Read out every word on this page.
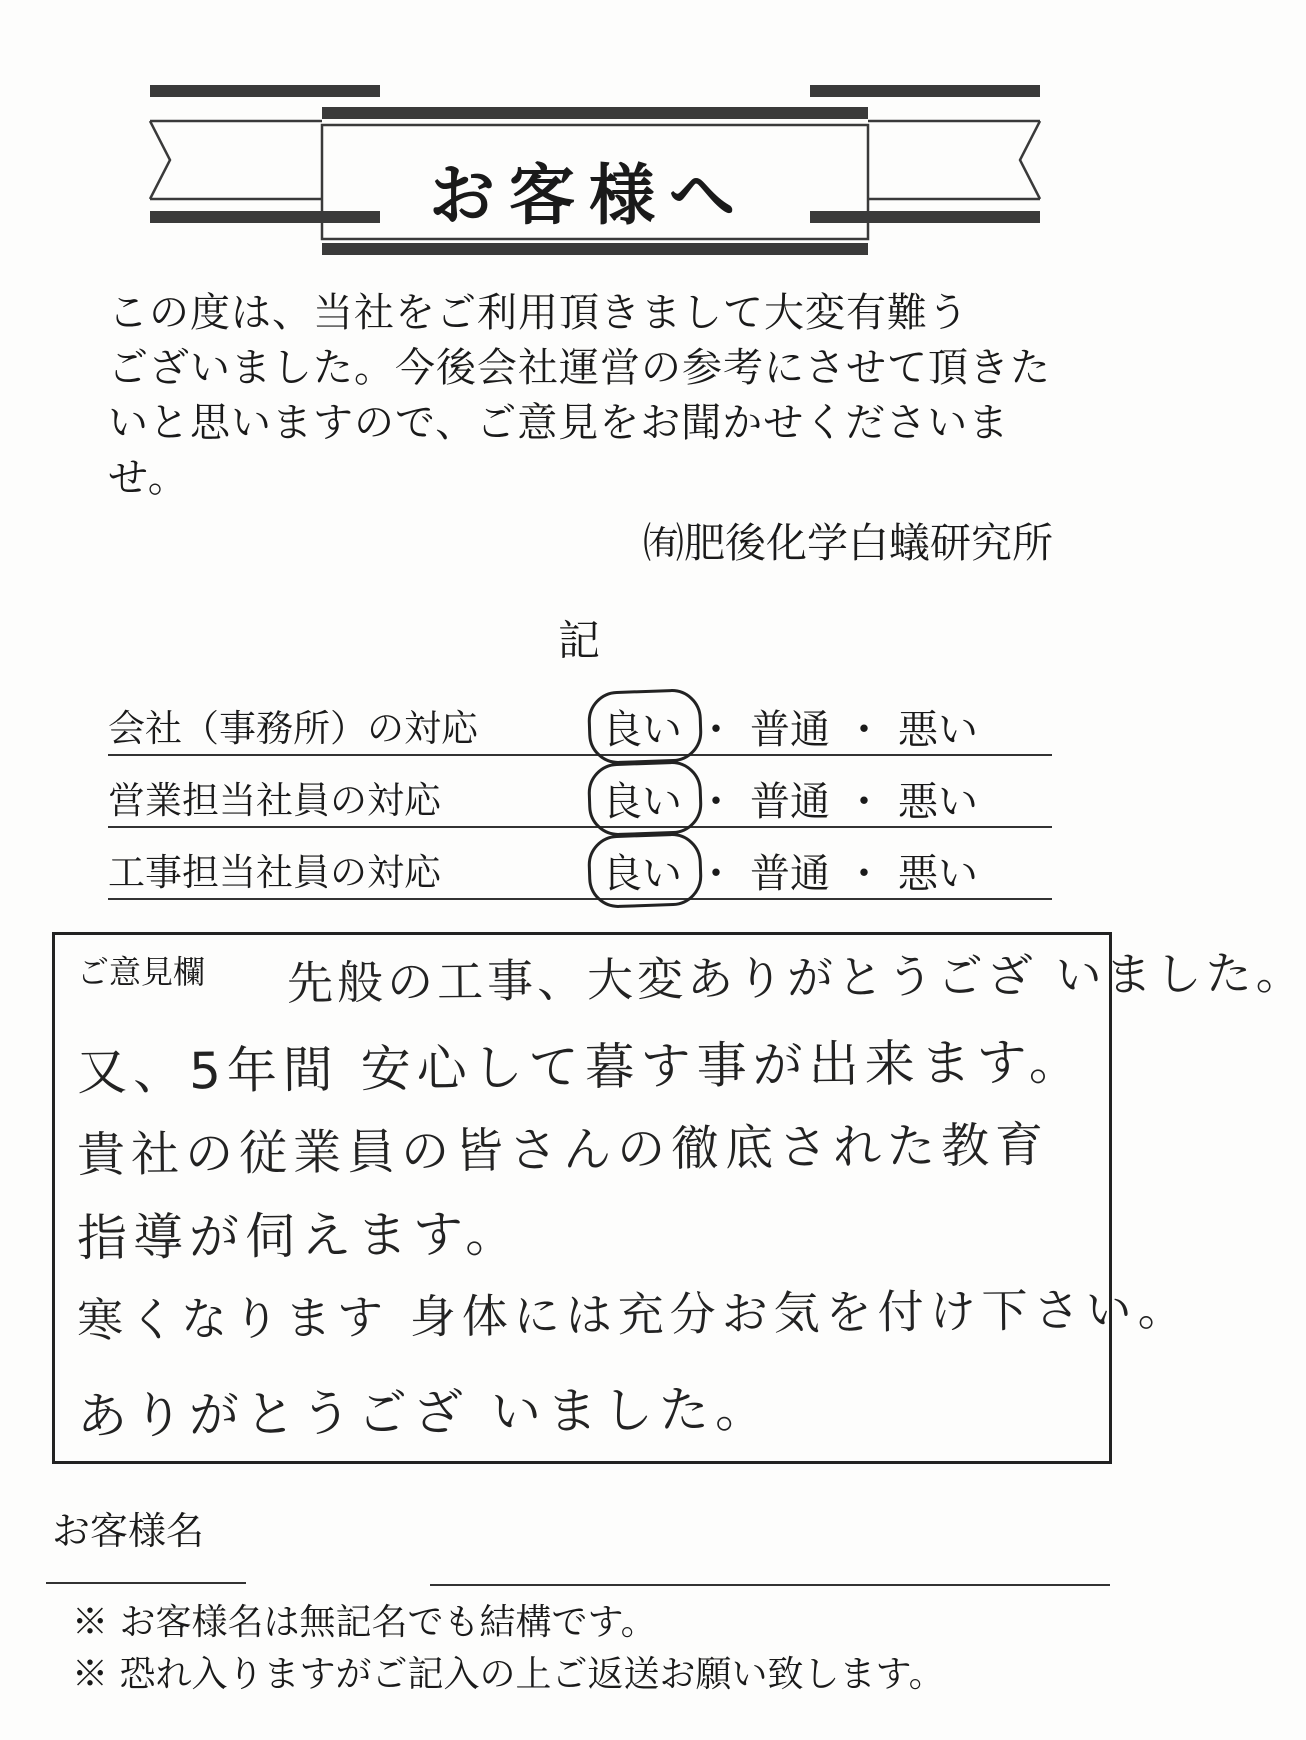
お客様へ
この度は、当社をご利用頂きまして大変有難う
ございました。今後会社運営の参考にさせて頂きた
いと思いますので、ご意見をお聞かせくださいませ。
㈲肥後化学白蟻研究所
記
会社（事務所）の対応	良い ・ 普通 ・ 悪い
営業担当社員の対応	良い ・ 普通 ・ 悪い
工事担当社員の対応	良い ・ 普通 ・ 悪い
ご意見欄 先般の工事、大変ありがとうござ いました。
又、5年間 安心して暮す事が出来ます。
貴社の従業員の皆さんの徹底された教育
指導が伺えます。
寒くなります 身体には充分お気を付け下さい。
ありがとうござ いました。
お客様名
※ お客様名は無記名でも結構です。
※ 恐れ入りますがご記入の上ご返送お願い致します。
